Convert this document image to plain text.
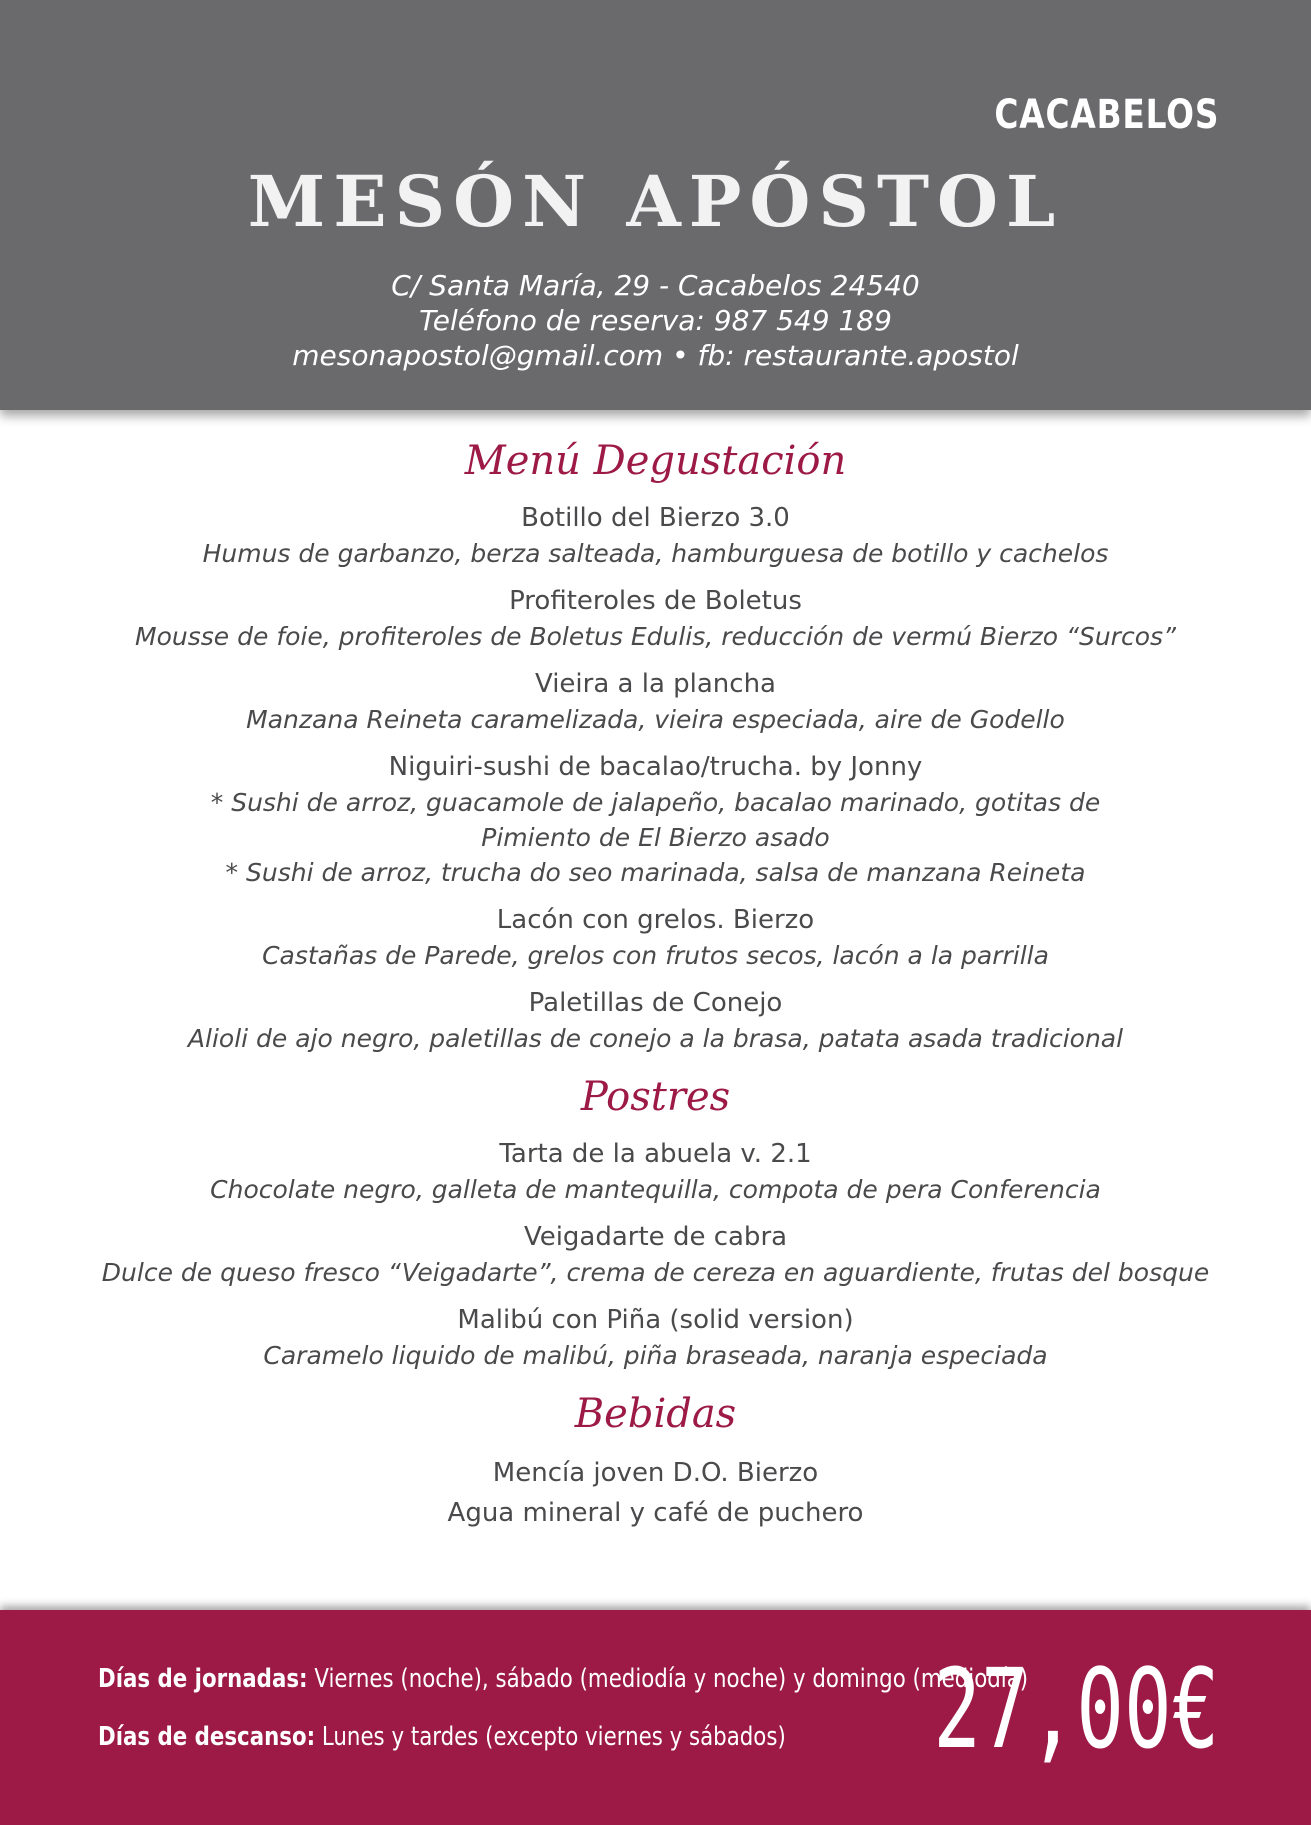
CACABELOS
MESÓN APÓSTOL
C/ Santa María, 29 - Cacabelos 24540
Teléfono de reserva: 987 549 189
mesonapostol@gmail.com • fb: restaurante.apostol
Menú Degustación
Botillo del Bierzo 3.0
Humus de garbanzo, berza salteada, hamburguesa de botillo y cachelos
Profiteroles de Boletus
Mousse de foie, profiteroles de Boletus Edulis, reducción de vermú Bierzo “Surcos”
Vieira a la plancha
Manzana Reineta caramelizada, vieira especiada, aire de Godello
Niguiri-sushi de bacalao/trucha. by Jonny
* Sushi de arroz, guacamole de jalapeño, bacalao marinado, gotitas de
Pimiento de El Bierzo asado
* Sushi de arroz, trucha do seo marinada, salsa de manzana Reineta
Lacón con grelos. Bierzo
Castañas de Parede, grelos con frutos secos, lacón a la parrilla
Paletillas de Conejo
Alioli de ajo negro, paletillas de conejo a la brasa, patata asada tradicional
Postres
Tarta de la abuela v. 2.1
Chocolate negro, galleta de mantequilla, compota de pera Conferencia
Veigadarte de cabra
Dulce de queso fresco “Veigadarte”, crema de cereza en aguardiente, frutas del bosque
Malibú con Piña (solid version)
Caramelo liquido de malibú, piña braseada, naranja especiada
Bebidas
Mencía joven D.O. Bierzo
Agua mineral y café de puchero
Días de jornadas: Viernes (noche), sábado (mediodía y noche) y domingo (mediodía)
Días de descanso: Lunes y tardes (excepto viernes y sábados)	27,00€
